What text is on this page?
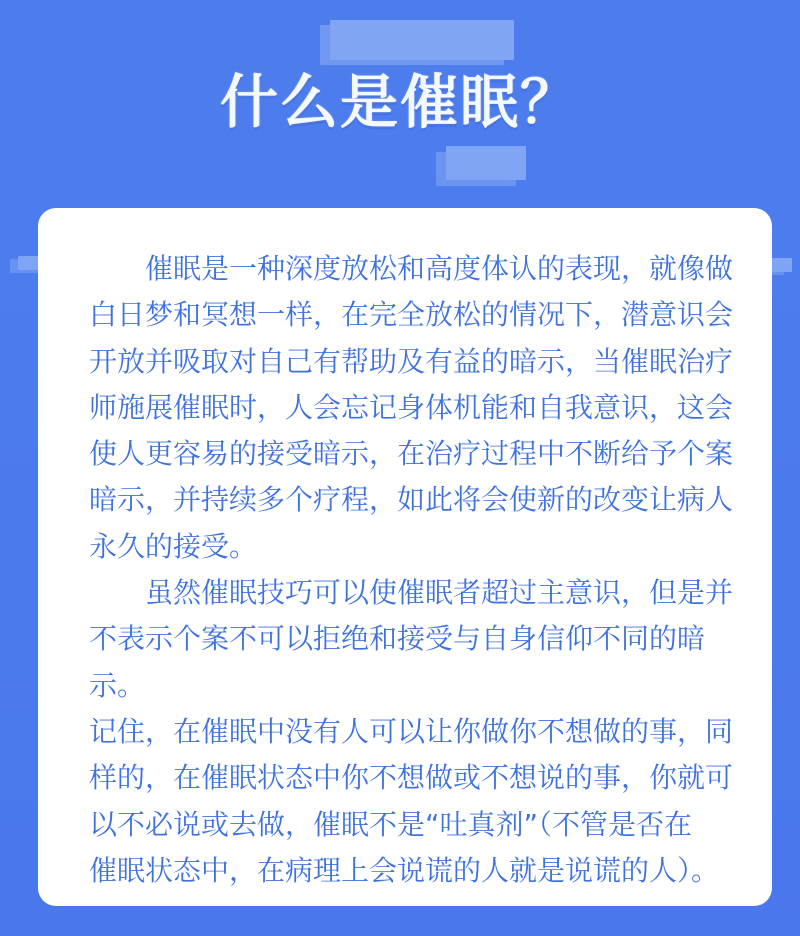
什么是催眠？

　　催眠是一种深度放松和高度体认的表现，就像做
白日梦和冥想一样，在完全放松的情况下，潜意识会
开放并吸取对自己有帮助及有益的暗示，当催眠治疗
师施展催眠时，人会忘记身体机能和自我意识，这会
使人更容易的接受暗示，在治疗过程中不断给予个案
暗示，并持续多个疗程，如此将会使新的改变让病人
永久的接受。

　　虽然催眠技巧可以使催眠者超过主意识，但是并
不表示个案不可以拒绝和接受与自身信仰不同的暗示。
记住，在催眠中没有人可以让你做你不想做的事，同
样的，在催眠状态中你不想做或不想说的事，你就可
以不必说或去做，催眠不是“吐真剂”（不管是否在
催眠状态中，在病理上会说谎的人就是说谎的人）。
